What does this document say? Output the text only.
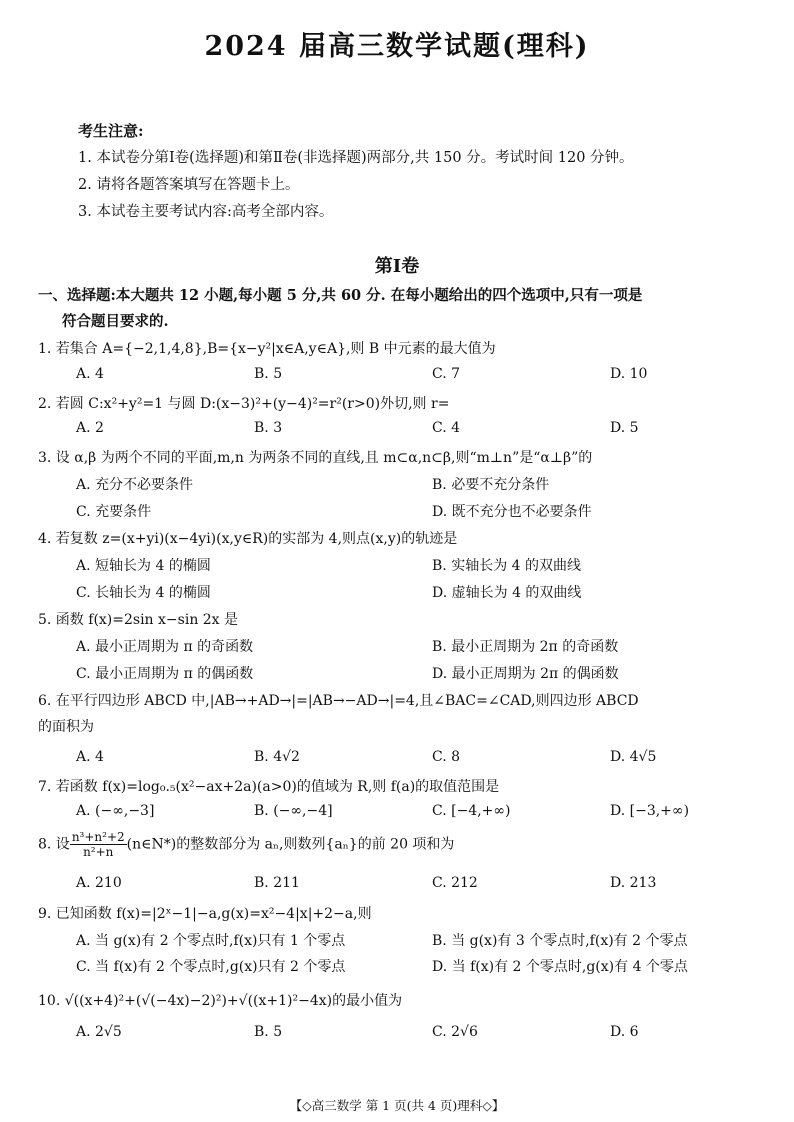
2024 届高三数学试题(理科)
考生注意:
1. 本试卷分第Ⅰ卷(选择题)和第Ⅱ卷(非选择题)两部分,共 150 分。考试时间 120 分钟。
2. 请将各题答案填写在答题卡上。
3. 本试卷主要考试内容:高考全部内容。
第Ⅰ卷
一、选择题:本大题共 12 小题,每小题 5 分,共 60 分. 在每小题给出的四个选项中,只有一项是
符合题目要求的.
1. 若集合 A={−2,1,4,8},B={x−y²|x∈A,y∈A},则 B 中元素的最大值为
A. 4	B. 5	C. 7	D. 10
2. 若圆 C:x²+y²=1 与圆 D:(x−3)²+(y−4)²=r²(r>0)外切,则 r=
A. 2	B. 3	C. 4	D. 5
3. 设 α,β 为两个不同的平面,m,n 为两条不同的直线,且 m⊂α,n⊂β,则“m⊥n”是“α⊥β”的
A. 充分不必要条件	B. 必要不充分条件
C. 充要条件	D. 既不充分也不必要条件
4. 若复数 z=(x+yi)(x−4yi)(x,y∈R)的实部为 4,则点(x,y)的轨迹是
A. 短轴长为 4 的椭圆	B. 实轴长为 4 的双曲线
C. 长轴长为 4 的椭圆	D. 虚轴长为 4 的双曲线
5. 函数 f(x)=2sin x−sin 2x 是
A. 最小正周期为 π 的奇函数	B. 最小正周期为 2π 的奇函数
C. 最小正周期为 π 的偶函数	D. 最小正周期为 2π 的偶函数
6. 在平行四边形 ABCD 中,|AB→+AD→|=|AB→−AD→|=4,且∠BAC=∠CAD,则四边形 ABCD
的面积为
A. 4	B. 4√2	C. 8	D. 4√5
7. 若函数 f(x)=log₀.₅(x²−ax+2a)(a>0)的值域为 R,则 f(a)的取值范围是
A. (−∞,−3]	B. (−∞,−4]	C. [−4,+∞)	D. [−3,+∞)
8. 设 $\frac{\text{n³+n²+2}}{\text{n²+n}}$ (n∈N*)的整数部分为 aₙ,则数列{aₙ}的前 20 项和为
A. 210	B. 211	C. 212	D. 213
9. 已知函数 f(x)=|2ˣ−1|−a,g(x)=x²−4|x|+2−a,则
A. 当 g(x)有 2 个零点时,f(x)只有 1 个零点	B. 当 g(x)有 3 个零点时,f(x)有 2 个零点
C. 当 f(x)有 2 个零点时,g(x)只有 2 个零点	D. 当 f(x)有 2 个零点时,g(x)有 4 个零点
10. √((x+4)²+(√(−4x)−2)²)+√((x+1)²−4x)的最小值为
A. 2√5	B. 5	C. 2√6	D. 6
【◇高三数学 第 1 页(共 4 页)理科◇】
